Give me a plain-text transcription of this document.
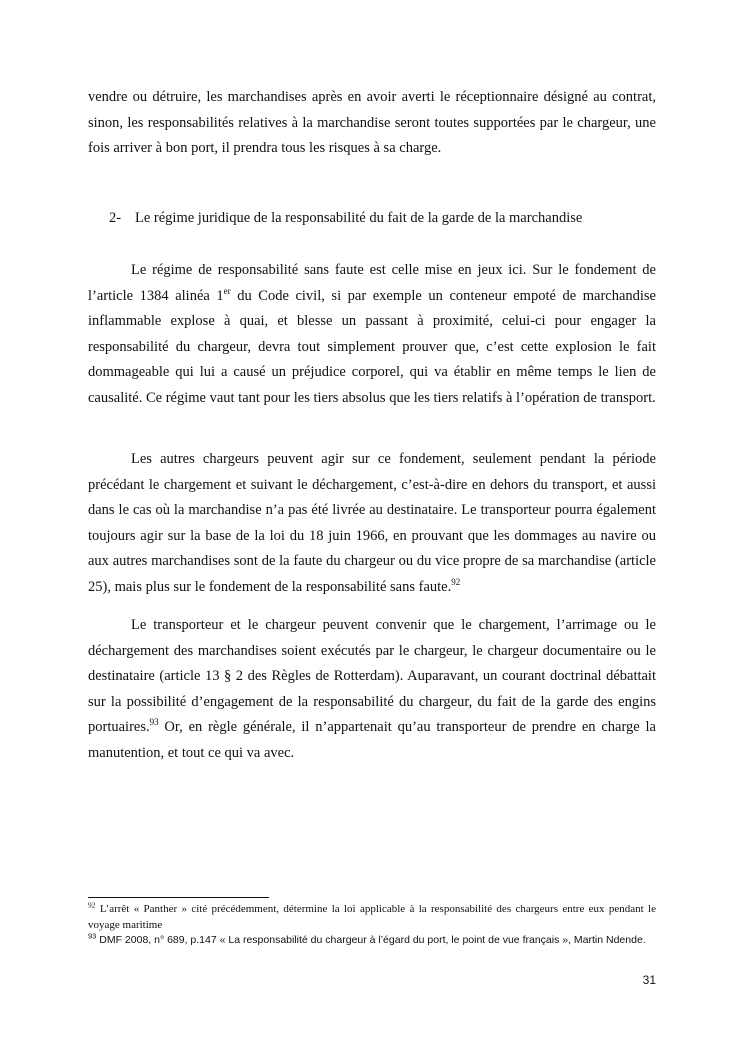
vendre ou détruire, les marchandises après en avoir averti le réceptionnaire désigné au contrat, sinon, les responsabilités relatives à la marchandise seront toutes supportées par le chargeur, une fois arriver à bon port, il prendra tous les risques à sa charge.

2- Le régime juridique de la responsabilité du fait de la garde de la marchandise

Le régime de responsabilité sans faute est celle mise en jeux ici. Sur le fondement de l’article 1384 alinéa 1er du Code civil, si par exemple un conteneur empoté de marchandise inflammable explose à quai, et blesse un passant à proximité, celui-ci pour engager la responsabilité du chargeur, devra tout simplement prouver que, c’est cette explosion le fait dommageable qui lui a causé un préjudice corporel, qui va établir en même temps le lien de causalité. Ce régime vaut tant pour les tiers absolus que les tiers relatifs à l’opération de transport.

Les autres chargeurs peuvent agir sur ce fondement, seulement pendant la période précédant le chargement et suivant le déchargement, c’est-à-dire en dehors du transport, et aussi dans le cas où la marchandise n’a pas été livrée au destinataire. Le transporteur pourra également toujours agir sur la base de la loi du 18 juin 1966, en prouvant que les dommages au navire ou aux autres marchandises sont de la faute du chargeur ou du vice propre de sa marchandise (article 25), mais plus sur le fondement de la responsabilité sans faute.$^{92}$

Le transporteur et le chargeur peuvent convenir que le chargement, l’arrimage ou le déchargement des marchandises soient exécutés par le chargeur, le chargeur documentaire ou le destinataire (article 13 § 2 des Règles de Rotterdam). Auparavant, un courant doctrinal débattait sur la possibilité d’engagement de la responsabilité du chargeur, du fait de la garde des engins portuaires.$^{93}$ Or, en règle générale, il n’appartenait qu’au transporteur de prendre en charge la manutention, et tout ce qui va avec.

$^{92}$ L’arrêt « Panther » cité précédemment, détermine la loi applicable à la responsabilité des chargeurs entre eux pendant le voyage maritime

$^{93}$ DMF 2008, n° 689, p.147 « La responsabilité du chargeur à l’égard du port, le point de vue français », Martin Ndende.

31
